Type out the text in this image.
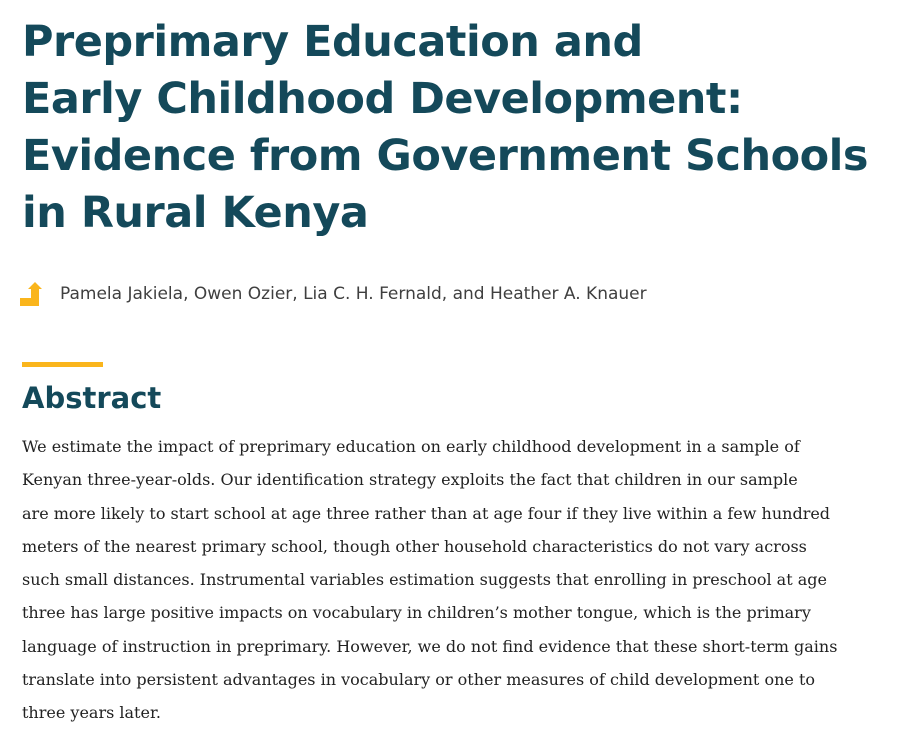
Preprimary Education and
Early Childhood Development:
Evidence from Government Schools
in Rural Kenya
Pamela Jakiela, Owen Ozier, Lia C. H. Fernald, and Heather A. Knauer
Abstract
We estimate the impact of preprimary education on early childhood development in a sample of
Kenyan three-year-olds. Our identification strategy exploits the fact that children in our sample
are more likely to start school at age three rather than at age four if they live within a few hundred
meters of the nearest primary school, though other household characteristics do not vary across
such small distances. Instrumental variables estimation suggests that enrolling in preschool at age
three has large positive impacts on vocabulary in children’s mother tongue, which is the primary
language of instruction in preprimary. However, we do not find evidence that these short-term gains
translate into persistent advantages in vocabulary or other measures of child development one to
three years later.
